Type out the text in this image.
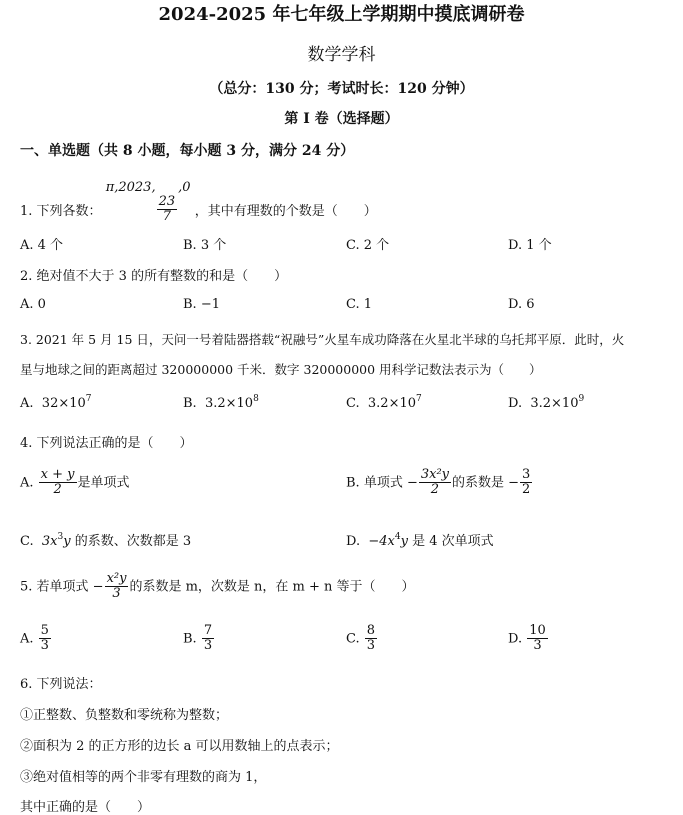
2024-2025 年七年级上学期期中摸底调研卷
数学学科
（总分：130 分；考试时长：120 分钟）
第 I 卷（选择题）
一、单选题（共 8 小题，每小题 3 分，满分 24 分）
1. 下列各数： π,2023,
$\frac{23}{7}$
,0 ，其中有理数的个数是（　　）
A. 4 个	B. 3 个	C. 2 个	D. 1 个
2. 绝对值不大于 3 的所有整数的和是（　　）
A. 0	B. −1	C. 1	D. 6
3. 2021 年 5 月 15 日，天问一号着陆器搭载“祝融号”火星车成功降落在火星北半球的乌托邦平原．此时，火
星与地球之间的距离超过 320000000 千米．数字 320000000 用科学记数法表示为（　　）
A. $32\times 10^7$	B. $3.2\times 10^8$	C. $3.2\times 10^7$	D. $3.2\times 10^9$
4. 下列说法正确的是（　　）
A. $\frac{x + y}{2}$ 是单项式	B. 单项式 − $\frac{\text{3x²y}}{2}$ 的系数是 − $\frac{3}{2}$
C. $3x^3y$ 的系数、次数都是 3	D. $-4x^4y$ 是 4 次单项式
5. 若单项式 − $\frac{\text{x²y}}{3}$ 的系数是 m，次数是 n，在 m + n 等于（　　）
A. $\frac{5}{3}$	B. $\frac{7}{3}$	C. $\frac{8}{3}$	D. $\frac{10}{3}$
6. 下列说法：
①正整数、负整数和零统称为整数；
②面积为 2 的正方形的边长 a 可以用数轴上的点表示；
③绝对值相等的两个非零有理数的商为 1，
其中正确的是（　　）
